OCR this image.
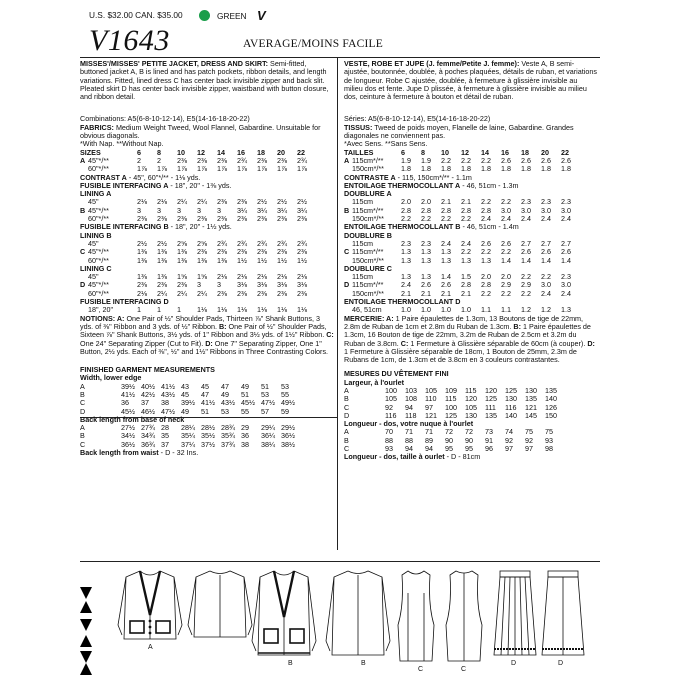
U.S. $32.00 CAN. $35.00	GREEN V
V1643	AVERAGE/MOINS FACILE

MISSES'/MISSES' PETITE JACKET, DRESS AND SKIRT: Semi-fitted, buttoned jacket A, B is lined and has patch pockets, ribbon details, and length variations. Fitted, lined dress C has center back invisible zipper and back slit. Pleated skirt D has center back invisible zipper, waistband with button closure, and ribbon detail.

Combinations: A5(6-8-10-12-14), E5(14-16-18-20-22)

FABRICS: Medium Weight Tweed, Wool Flannel, Gabardine. Unsuitable for obvious diagonals.

*With Nap. **Without Nap.

SIZES	6 8 10 12 14 16 18 20 22
A 45"*/**	2 2 2⅜ 2⅜ 2⅜ 2¾ 2⅜ 2⅜ 2¾
60"*/**	1⅞ 1⅞ 1⅞ 1⅞ 1⅞ 1⅞ 1⅞ 1⅞ 1⅞
CONTRAST A - 45", 60"*/** - 1⅛ yds.
FUSIBLE INTERFACING A - 18", 20" - 1⅜ yds.
LINING A
45"	2⅛ 2⅛ 2¼ 2¼ 2⅜ 2⅜ 2½ 2½ 2½
B 45"*/**	3 3 3 3 3 3¼ 3¼ 3¼ 3¼
60"*/**	2⅜ 2⅜ 2⅜ 2⅜ 2⅜ 2⅜ 2⅜ 2⅜ 2⅜
FUSIBLE INTERFACING B - 18", 20" - 1½ yds.
LINING B
45"	2½ 2½ 2⅝ 2⅝ 2¾ 2¾ 2¾ 2¾ 2¾
C 45"*/**	1⅜ 1⅜ 1⅜ 2⅜ 2⅜ 2⅜ 2⅜ 2⅜ 2⅜
60"*/**	1⅜ 1⅜ 1⅜ 1⅜ 1⅜ 1½ 1½ 1½ 1½
LINING C
45"	1⅜ 1⅜ 1⅝ 1⅝ 2⅛ 2⅛ 2⅛ 2⅛ 2⅛
D 45"*/**	2⅜ 2⅜ 2⅜ 3 3 3⅛ 3⅛ 3⅛ 3⅛
60"*/**	2⅛ 2¼ 2¼ 2¼ 2⅜ 2⅜ 2⅜ 2⅜ 2⅜
FUSIBLE INTERFACING D
18", 20"	1 1 1 1⅛ 1⅛ 1⅛ 1⅛ 1⅛ 1⅛

NOTIONS: A: One Pair of ½" Shoulder Pads, Thirteen ⅞" Shank Buttons, 3 yds. of ⅜" Ribbon and 3 yds. of ½" Ribbon. B: One Pair of ½" Shoulder Pads, Sixteen ⅞" Shank Buttons, 3½ yds. of 1" Ribbon and 3½ yds. of 1½" Ribbon. C: One 24" Separating Zipper (Cut to Fit). D: One 7" Separating Zipper, One 1" Button, 2½ yds. Each of ⅜", ½" and 1½" Ribbons in Three Contrasting Colors.

FINISHED GARMENT MEASUREMENTS

Width, lower edge

A	39½ 40½ 41½ 43 45 47 49 51 53
B	41½ 42½ 43½ 45 47 49 51 53 55
C	36 37 38 39½ 41½ 43½ 45½ 47½ 49½
D	45½ 46½ 47½ 49 51 53 55 57 59

Back length from base of neck

A	27½ 27¾ 28 28¼ 28½ 28¾ 29 29¼ 29½
B	34½ 34¾ 35 35¼ 35½ 35¾ 36 36¼ 36½
C	36½ 36¾ 37 37¼ 37½ 37¾ 38 38¼ 38½
Back length from waist - D - 32 Ins.

VESTE, ROBE ET JUPE (J. femme/Petite J. femme): Veste A, B semi-ajustée, boutonnée, doublée, à poches plaquées, détails de ruban, et variations de longueur. Robe C ajustée, doublée, à fermeture à glissière invisible au milieu dos et fente. Jupe D plissée, à fermeture à glissière invisible au milieu dos, ceinture à fermeture à bouton et détail de ruban.

Séries: A5(6-8-10-12-14), E5(14-16-18-20-22)

TISSUS: Tweed de poids moyen, Flanelle de laine, Gabardine. Grandes diagonales ne conviennent pas.

*Avec Sens. **Sans Sens.

TAILLES	6 8 10 12 14 16 18 20 22
A 115cm*/** 1.9 1.9 2.2 2.2 2.2 2.6 2.6 2.6 2.6
150cm*/** 1.8 1.8 1.8 1.8 1.8 1.8 1.8 1.8 1.8
CONTRASTE A - 115, 150cm*/** - 1.1m
ENTOILAGE THERMOCOLLANT A - 46, 51cm - 1.3m
DOUBLURE A
115cm	2.0 2.0 2.1 2.1 2.2 2.2 2.3 2.3 2.3
B 115cm*/** 2.8 2.8 2.8 2.8 2.8 3.0 3.0 3.0 3.0
150cm*/** 2.2 2.2 2.2 2.2 2.4 2.4 2.4 2.4 2.4
ENTOILAGE THERMOCOLLANT B - 46, 51cm - 1.4m
DOUBLURE B
115cm	2.3 2.3 2.4 2.4 2.6 2.6 2.7 2.7 2.7
C 115cm*/** 1.3 1.3 1.3 2.2 2.2 2.2 2.6 2.6 2.6
150cm*/** 1.3 1.3 1.3 1.3 1.3 1.4 1.4 1.4 1.4
DOUBLURE C
115cm	1.3 1.3 1.4 1.5 2.0 2.0 2.2 2.2 2.3
D 115cm*/** 2.4 2.6 2.6 2.8 2.8 2.9 2.9 3.0 3.0
150cm*/** 2.1 2.1 2.1 2.1 2.2 2.2 2.2 2.4 2.4
ENTOILAGE THERMOCOLLANT D
46, 51cm	1.0 1.0 1.0 1.0 1.1 1.1 1.2 1.2 1.3

MERCERIE: A: 1 Paire épaulettes de 1.3cm, 13 Boutons de tige de 22mm, 2.8m de Ruban de 1cm et 2.8m du Ruban de 1.3cm. B: 1 Paire épaulettes de 1.3cm, 16 Bouton de tige de 22mm, 3.2m de Ruban de 2.5cm et 3.2m du Ruban de 3.8cm. C: 1 Fermeture à Glissière séparable de 60cm (à couper). D: 1 Fermeture à Glissière séparable de 18cm, 1 Bouton de 25mm, 2.3m de Rubans de 1cm, de 1.3cm et de 3.8cm en 3 couleurs contrastantes.

MESURES DU VÊTEMENT FINI

Largeur, à l'ourlet

A	100 103 105 109 115 120 125 130 135
B	105 108 110 115 120 125 130 135 140
C	92 94 97 100 105 111 116 121 126
D	116 118 121 125 130 135 140 145 150

Longueur - dos, votre nuque à l'ourlet

A	70 71 71 72 72 73 74 75 75
B	88 88 89 90 90 91 92 92 93
C	93 94 94 95 95 96 97 97 98
Longueur - dos, taille à ourlet - D - 81cm
A
B	B
C	C
D	D
